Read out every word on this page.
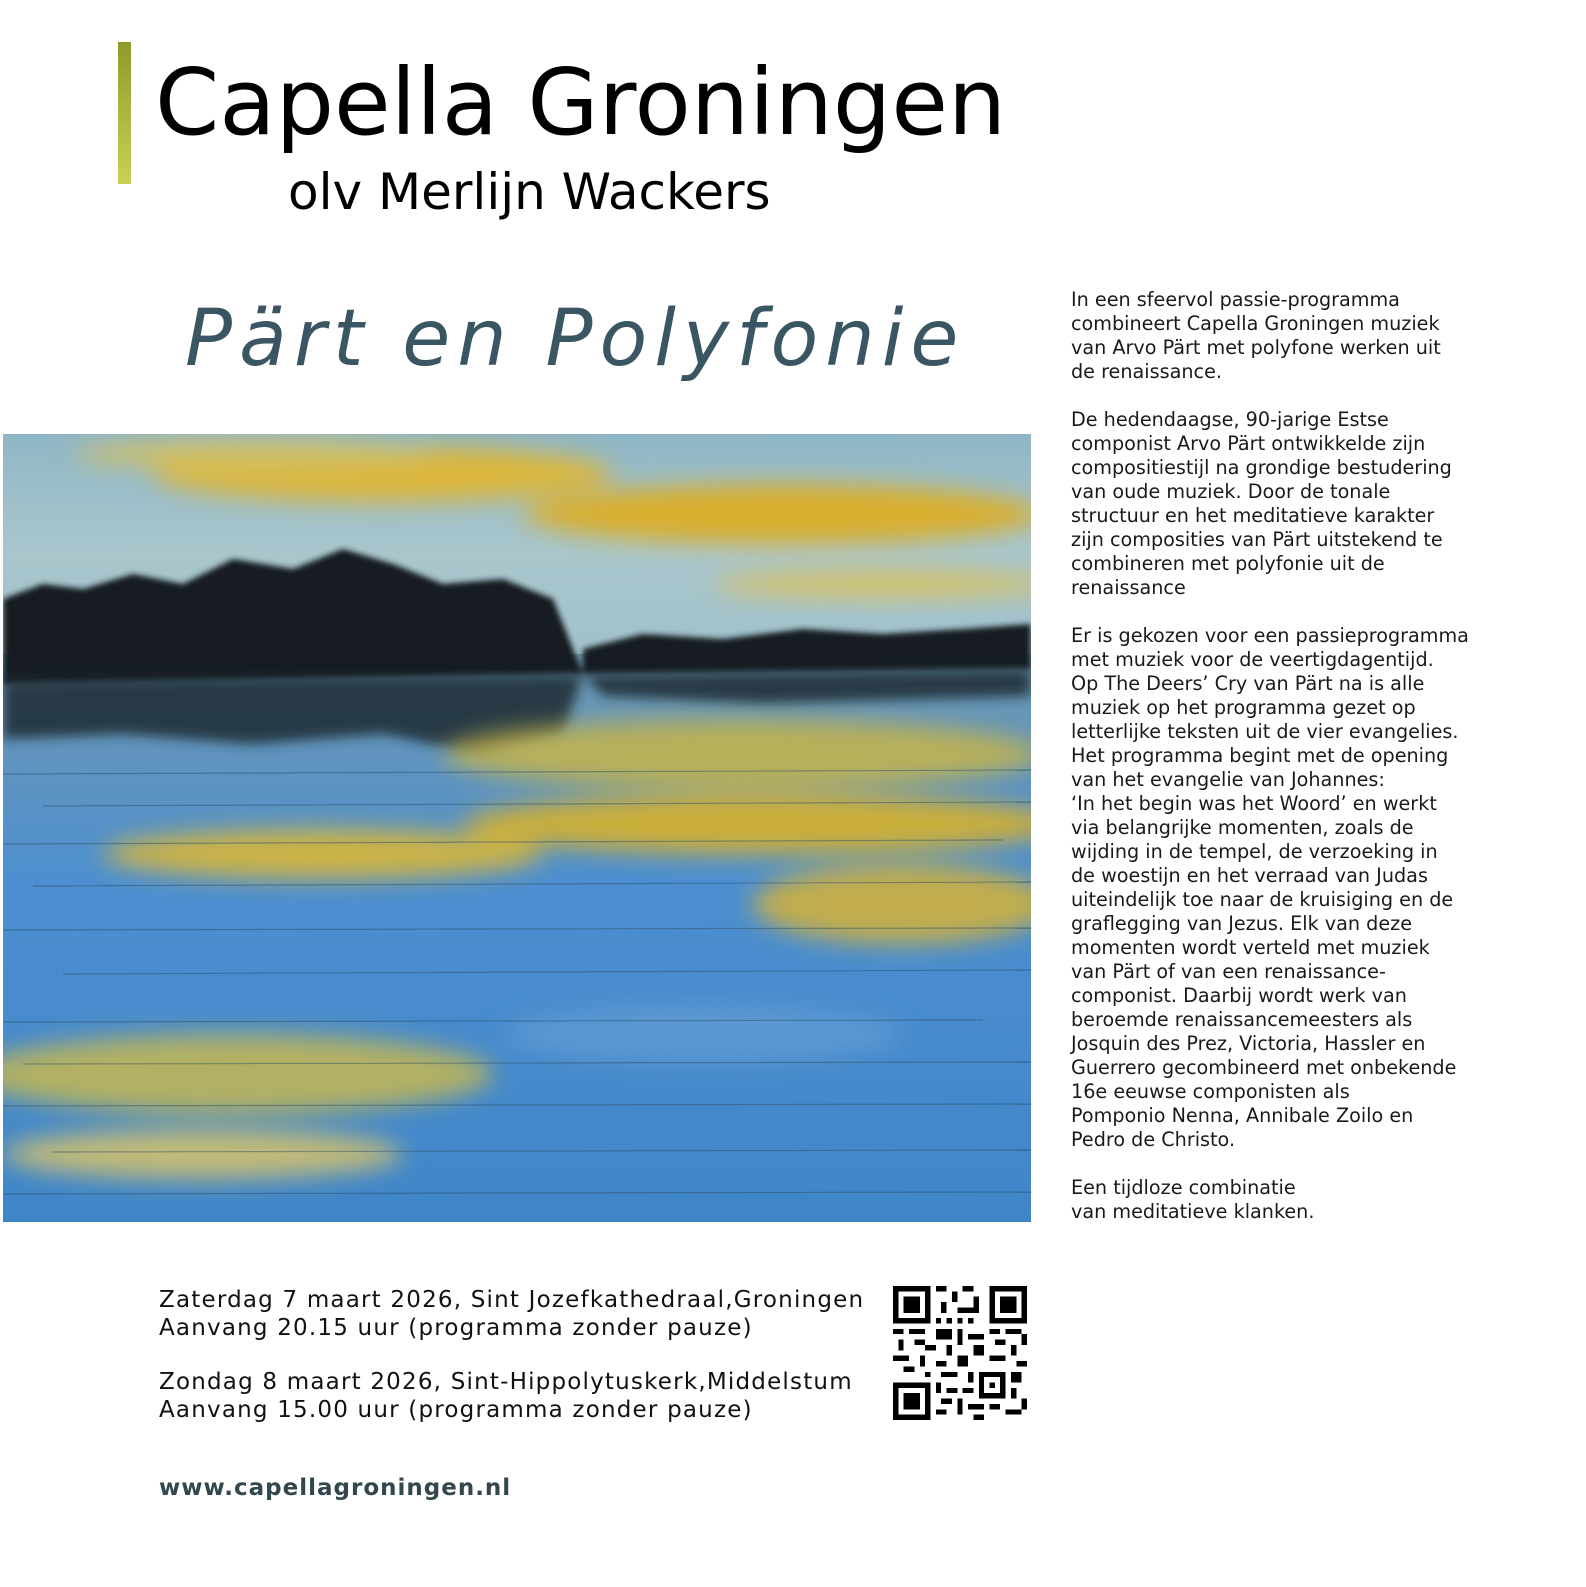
Capella Groningen
olv Merlijn Wackers
Pärt en Polyfonie	In een sfeervol passie-programma
combineert Capella Groningen muziek
van Arvo Pärt met polyfone werken uit
de renaissance.

De hedendaagse, 90-jarige Estse
componist Arvo Pärt ontwikkelde zijn
compositiestijl na grondige bestudering
van oude muziek. Door de tonale
structuur en het meditatieve karakter
zijn composities van Pärt uitstekend te
combineren met polyfonie uit de
renaissance

Er is gekozen voor een passieprogramma
met muziek voor de veertigdagentijd.
Op The Deers’ Cry van Pärt na is alle
muziek op het programma gezet op
letterlijke teksten uit de vier evangelies.
Het programma begint met de opening
van het evangelie van Johannes:
‘In het begin was het Woord’ en werkt
via belangrijke momenten, zoals de
wijding in de tempel, de verzoeking in
de woestijn en het verraad van Judas
uiteindelijk toe naar de kruisiging en de
graflegging van Jezus. Elk van deze
momenten wordt verteld met muziek
van Pärt of van een renaissance-
componist. Daarbij wordt werk van
beroemde renaissancemeesters als
Josquin des Prez, Victoria, Hassler en
Guerrero gecombineerd met onbekende
16e eeuwse componisten als
Pomponio Nenna, Annibale Zoilo en
Pedro de Christo.

Een tijdloze combinatie
van meditatieve klanken.

Zaterdag 7 maart 2026, Sint Jozefkathedraal,Groningen
Aanvang 20.15 uur (programma zonder pauze)
Zondag 8 maart 2026, Sint-Hippolytuskerk,Middelstum
Aanvang 15.00 uur (programma zonder pauze)
www.capellagroningen.nl
